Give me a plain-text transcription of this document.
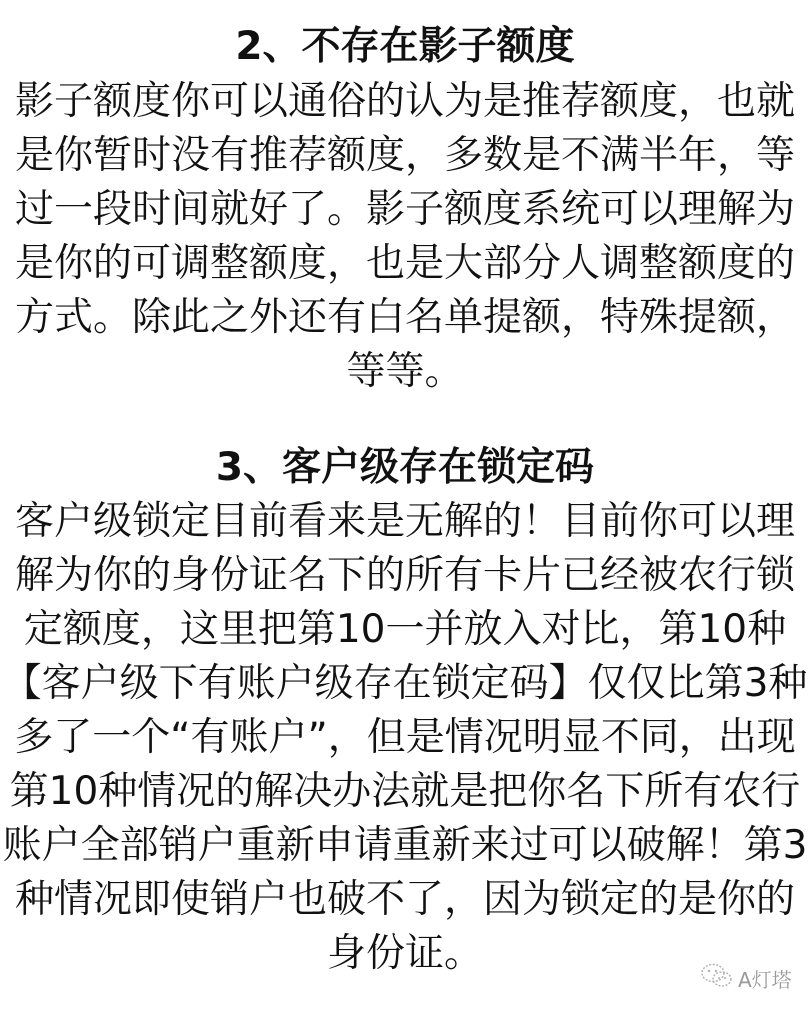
2、不存在影子额度
影子额度你可以通俗的认为是推荐额度，也就
是你暂时没有推荐额度，多数是不满半年，等
过一段时间就好了。影子额度系统可以理解为
是你的可调整额度，也是大部分人调整额度的
方式。除此之外还有白名单提额，特殊提额，
等等。
3、客户级存在锁定码
客户级锁定目前看来是无解的！目前你可以理
解为你的身份证名下的所有卡片已经被农行锁
定额度，这里把第10一并放入对比，第10种
【客户级下有账户级存在锁定码】仅仅比第3种
多了一个“有账户”，但是情况明显不同，出现
第10种情况的解决办法就是把你名下所有农行
账户全部销户重新申请重新来过可以破解！第3
种情况即使销户也破不了，因为锁定的是你的
身份证。
A灯塔
